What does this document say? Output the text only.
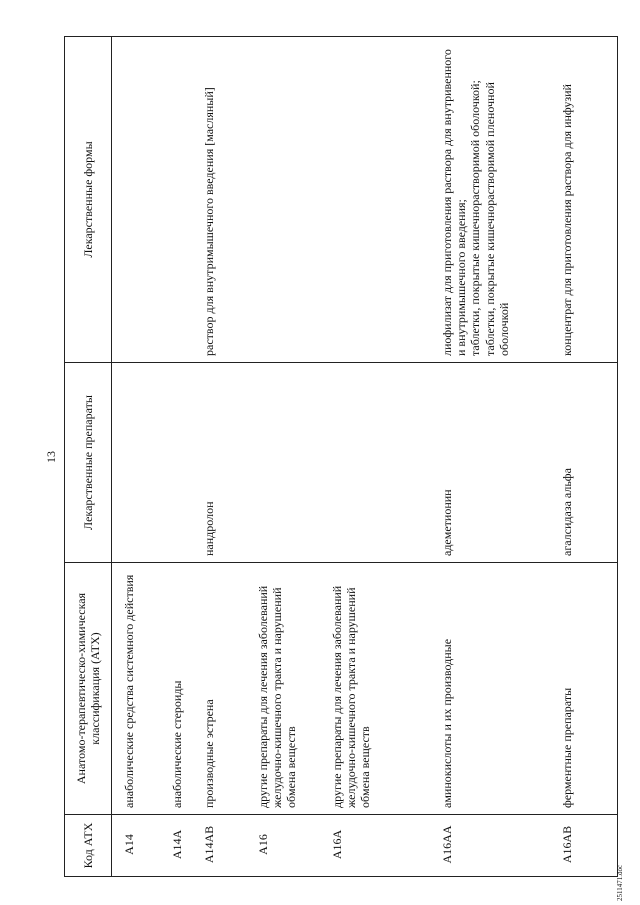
13
Код АТХ	Анатомо-терапевтическо-химическая классификация (АТХ)	Лекарственные препараты	Лекарственные формы
A14	анаболические средства системного действия		
A14A	анаболические стероиды		
A14AB	производные эстрена	нандролон	раствор для внутримышечного введения [масляный]

A16	другие препараты для лечения заболеваний желудочно-кишечного тракта и нарушений обмена веществ		
A16A	другие препараты для лечения заболеваний желудочно-кишечного тракта и нарушений обмена веществ		
A16AA	аминокислоты и их производные	адеметионин	лиофилизат для приготовления раствора для внутривенного и внутримышечного введения; таблетки, покрытые кишечнорастворимой оболочкой; таблетки, покрытые кишечнорастворимой пленочной оболочкой

A16AB	ферментные препараты	агалсидаза альфа	концентрат для приготовления раствора для инфузий
2511471.doc
